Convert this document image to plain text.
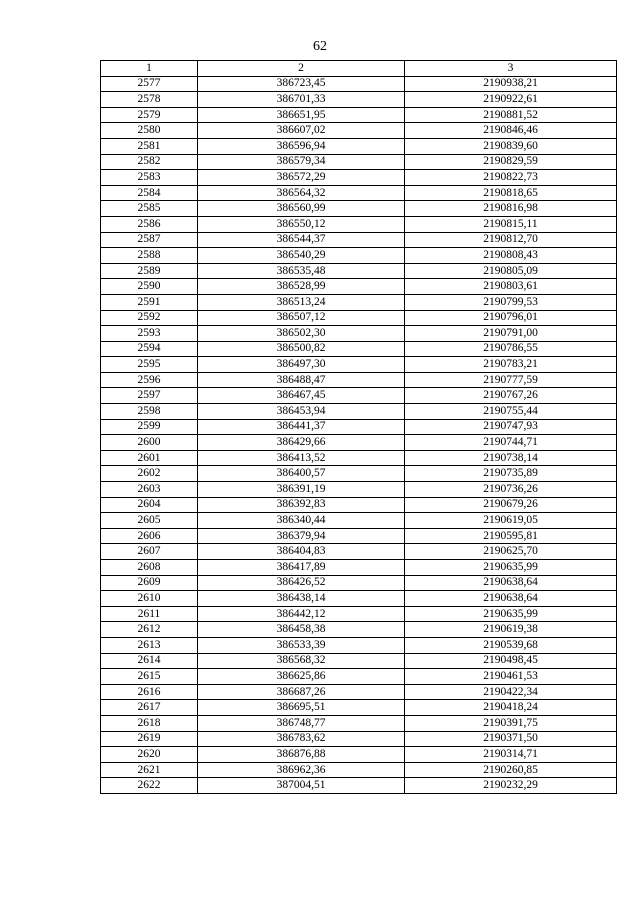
62
1	2	3
2577	386723,45	2190938,21
2578	386701,33	2190922,61
2579	386651,95	2190881,52
2580	386607,02	2190846,46
2581	386596,94	2190839,60
2582	386579,34	2190829,59
2583	386572,29	2190822,73
2584	386564,32	2190818,65
2585	386560,99	2190816,98
2586	386550,12	2190815,11
2587	386544,37	2190812,70
2588	386540,29	2190808,43
2589	386535,48	2190805,09
2590	386528,99	2190803,61
2591	386513,24	2190799,53
2592	386507,12	2190796,01
2593	386502,30	2190791,00
2594	386500,82	2190786,55
2595	386497,30	2190783,21
2596	386488,47	2190777,59
2597	386467,45	2190767,26
2598	386453,94	2190755,44
2599	386441,37	2190747,93
2600	386429,66	2190744,71
2601	386413,52	2190738,14
2602	386400,57	2190735,89
2603	386391,19	2190736,26
2604	386392,83	2190679,26
2605	386340,44	2190619,05
2606	386379,94	2190595,81
2607	386404,83	2190625,70
2608	386417,89	2190635,99
2609	386426,52	2190638,64
2610	386438,14	2190638,64
2611	386442,12	2190635,99
2612	386458,38	2190619,38
2613	386533,39	2190539,68
2614	386568,32	2190498,45
2615	386625,86	2190461,53
2616	386687,26	2190422,34
2617	386695,51	2190418,24
2618	386748,77	2190391,75
2619	386783,62	2190371,50
2620	386876,88	2190314,71
2621	386962,36	2190260,85
2622	387004,51	2190232,29
